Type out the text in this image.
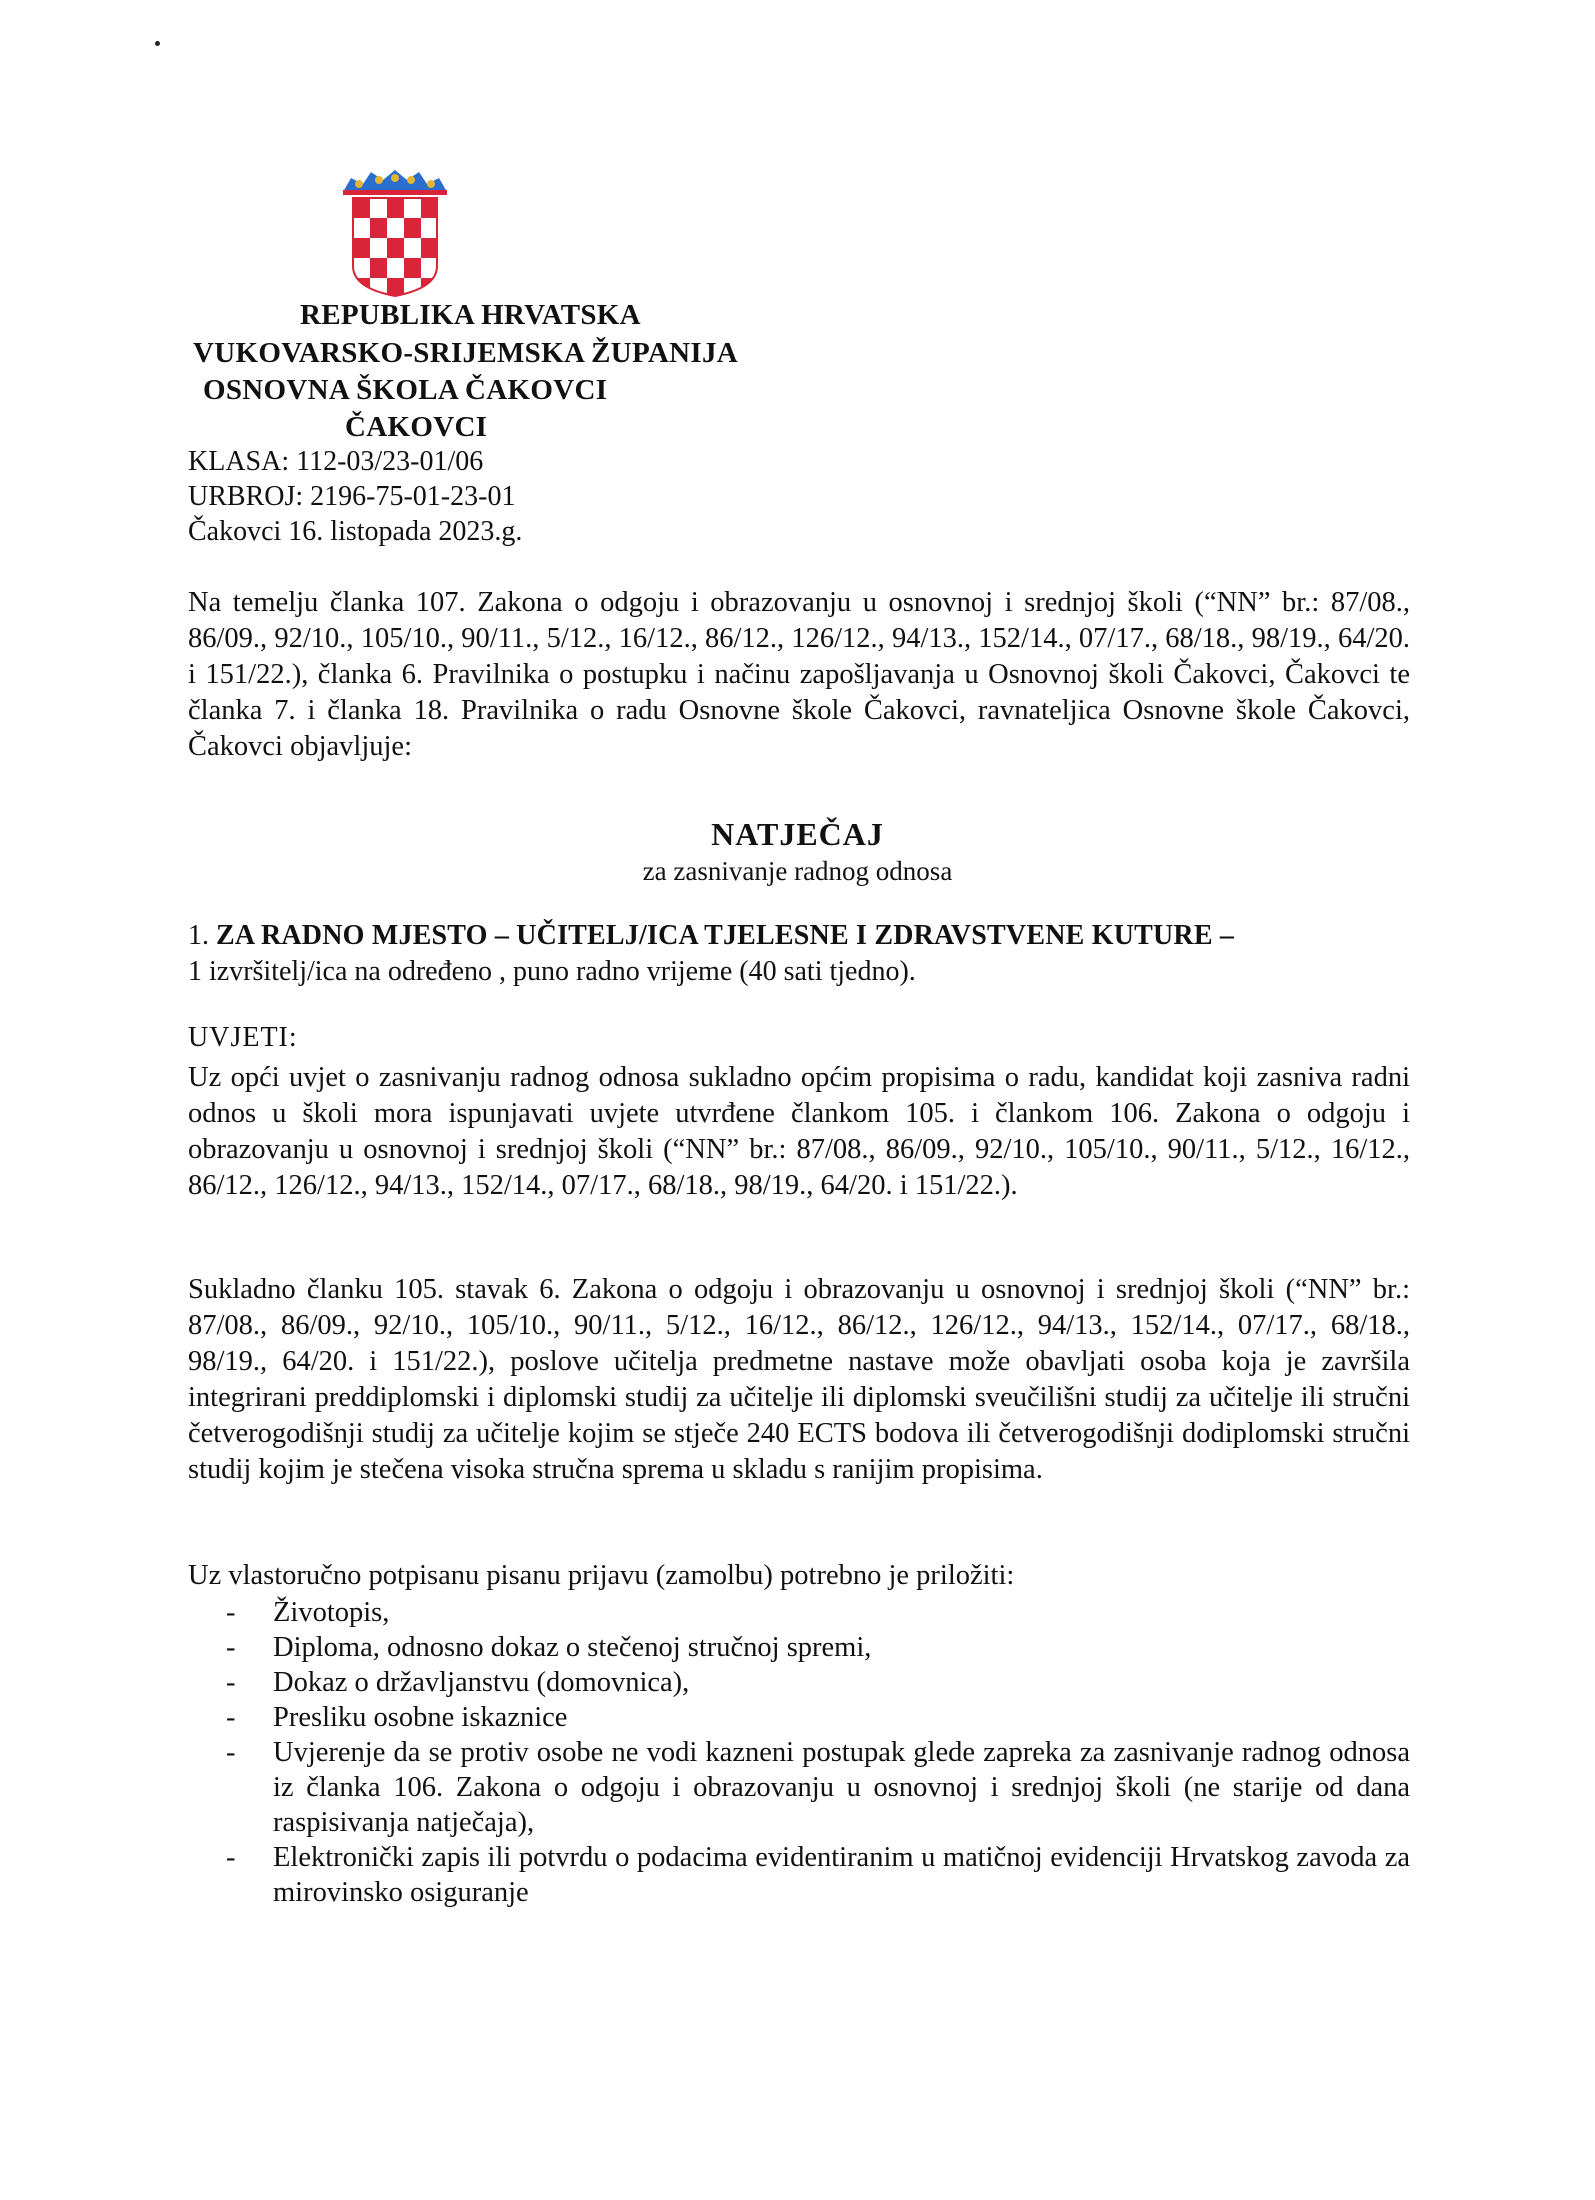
REPUBLIKA HRVATSKA
VUKOVARSKO-SRIJEMSKA ŽUPANIJA
OSNOVNA ŠKOLA ČAKOVCI
ČAKOVCI
KLASA: 112-03/23-01/06
URBROJ: 2196-75-01-23-01
Čakovci 16. listopada 2023.g.
Na temelju članka 107. Zakona o odgoju i obrazovanju u osnovnoj i srednjoj školi (“NN” br.: 87/08., 86/09., 92/10., 105/10., 90/11., 5/12., 16/12., 86/12., 126/12., 94/13., 152/14., 07/17., 68/18., 98/19., 64/20. i 151/22.), članka 6. Pravilnika o postupku i načinu zapošljavanja u Osnovnoj školi Čakovci, Čakovci te članka 7. i članka 18. Pravilnika o radu Osnovne škole Čakovci, ravnateljica Osnovne škole Čakovci, Čakovci objavljuje:
NATJEČAJ
za zasnivanje radnog odnosa
1. ZA RADNO MJESTO – UČITELJ/ICA TJELESNE I ZDRAVSTVENE KUTURE –
1 izvršitelj/ica na određeno , puno radno vrijeme (40 sati tjedno).
UVJETI:
Uz opći uvjet o zasnivanju radnog odnosa sukladno općim propisima o radu, kandidat koji zasniva radni odnos u školi mora ispunjavati uvjete utvrđene člankom 105. i člankom 106. Zakona o odgoju i obrazovanju u osnovnoj i srednjoj školi (“NN” br.: 87/08., 86/09., 92/10., 105/10., 90/11., 5/12., 16/12., 86/12., 126/12., 94/13., 152/14., 07/17., 68/18., 98/19., 64/20. i 151/22.).
Sukladno članku 105. stavak 6. Zakona o odgoju i obrazovanju u osnovnoj i srednjoj školi (“NN” br.: 87/08., 86/09., 92/10., 105/10., 90/11., 5/12., 16/12., 86/12., 126/12., 94/13., 152/14., 07/17., 68/18., 98/19., 64/20. i 151/22.), poslove učitelja predmetne nastave može obavljati osoba koja je završila integrirani preddiplomski i diplomski studij za učitelje ili diplomski sveučilišni studij za učitelje ili stručni četverogodišnji studij za učitelje kojim se stječe 240 ECTS bodova ili četverogodišnji dodiplomski stručni studij kojim je stečena visoka stručna sprema u skladu s ranijim propisima.
Uz vlastoručno potpisanu pisanu prijavu (zamolbu) potrebno je priložiti:
- Životopis,
- Diploma, odnosno dokaz o stečenoj stručnoj spremi,
- Dokaz o državljanstvu (domovnica),
- Presliku osobne iskaznice
- Uvjerenje da se protiv osobe ne vodi kazneni postupak glede zapreka za zasnivanje radnog odnosa iz članka 106. Zakona o odgoju i obrazovanju u osnovnoj i srednjoj školi (ne starije od dana raspisivanja natječaja),
- Elektronički zapis ili potvrdu o podacima evidentiranim u matičnoj evidenciji Hrvatskog zavoda za mirovinsko osiguranje
